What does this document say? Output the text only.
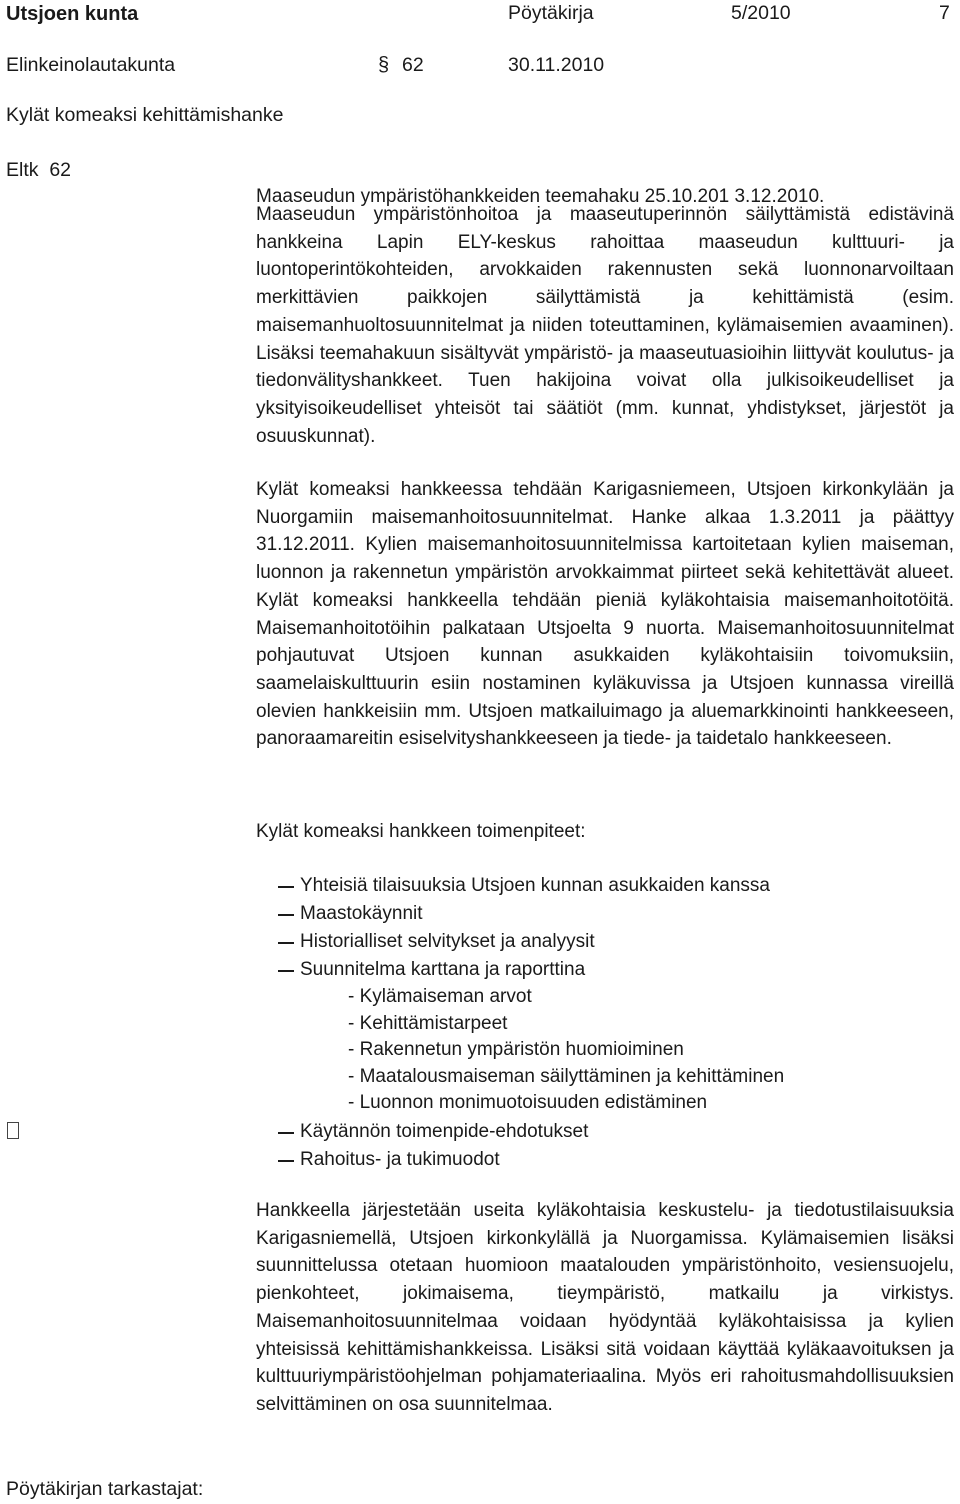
Utsjoen kunta	Pöytäkirja	5/2010	7
Elinkeinolautakunta	§ 62	30.11.2010
Kylät komeaksi kehittämishanke
Eltk  62
Maaseudun ympäristöhankkeiden teemahaku 25.10.201 3.12.2010.

Maaseudun ympäristönhoitoa ja maaseutuperinnön säilyttämistä edistävinä hankkeina Lapin ELY-keskus rahoittaa maaseudun kulttuuri- ja luontoperintökohteiden, arvokkaiden rakennusten sekä luonnonarvoiltaan merkittävien paikkojen säilyttämistä ja kehittämistä (esim. maisemanhuoltosuunnitelmat ja niiden toteuttaminen, kylämaisemien avaaminen). Lisäksi teemahakuun sisältyvät ympäristö- ja maaseutuasioihin liittyvät koulutus- ja tiedonvälityshankkeet. Tuen hakijoina voivat olla julkisoikeudelliset ja yksityisoikeudelliset yhteisöt tai säätiöt (mm. kunnat, yhdistykset, järjestöt ja osuuskunnat).

Kylät komeaksi hankkeessa tehdään Karigasniemeen, Utsjoen kirkonkylään ja Nuorgamiin maisemanhoitosuunnitelmat. Hanke alkaa 1.3.2011 ja päättyy 31.12.2011. Kylien maisemanhoitosuunnitelmissa kartoitetaan kylien maiseman, luonnon ja rakennetun ympäristön arvokkaimmat piirteet sekä kehitettävät alueet. Kylät komeaksi hankkeella tehdään pieniä kyläkohtaisia maisemanhoitotöitä. Maisemanhoitotöihin palkataan Utsjoelta 9 nuorta. Maisemanhoitosuunnitelmat pohjautuvat Utsjoen kunnan asukkaiden kyläkohtaisiin toivomuksiin, saamelaiskulttuurin esiin nostaminen kyläkuvissa ja Utsjoen kunnassa vireillä olevien hankkeisiin mm. Utsjoen matkailuimago ja aluemarkkinointi hankkeeseen, panoraamareitin esiselvityshankkeeseen ja tiede- ja taidetalo hankkeeseen.

Kylät komeaksi hankkeen toimenpiteet:
Yhteisiä tilaisuuksia Utsjoen kunnan asukkaiden kanssa
Maastokäynnit
Historialliset selvitykset ja analyysit
Suunnitelma karttana ja raporttina
- Kylämaiseman arvot
- Kehittämistarpeet
- Rakennetun ympäristön huomioiminen
- Maatalousmaiseman säilyttäminen ja kehittäminen
- Luonnon monimuotoisuuden edistäminen
Käytännön toimenpide-ehdotukset
Rahoitus- ja tukimuodot

Hankkeella järjestetään useita kyläkohtaisia keskustelu- ja tiedotustilaisuuksia Karigasniemellä, Utsjoen kirkonkylällä ja Nuorgamissa. Kylämaisemien lisäksi suunnittelussa otetaan huomioon maatalouden ympäristönhoito, vesiensuojelu, pienkohteet, jokimaisema, tieympäristö, matkailu ja virkistys. Maisemanhoitosuunnitelmaa voidaan hyödyntää kyläkohtaisissa ja kylien yhteisissä kehittämishankkeissa. Lisäksi sitä voidaan käyttää kyläkaavoituksen ja kulttuuriympäristöohjelman pohjamateriaalina. Myös eri rahoitusmahdollisuuksien selvittäminen on osa suunnitelmaa.

Pöytäkirjan tarkastajat:
